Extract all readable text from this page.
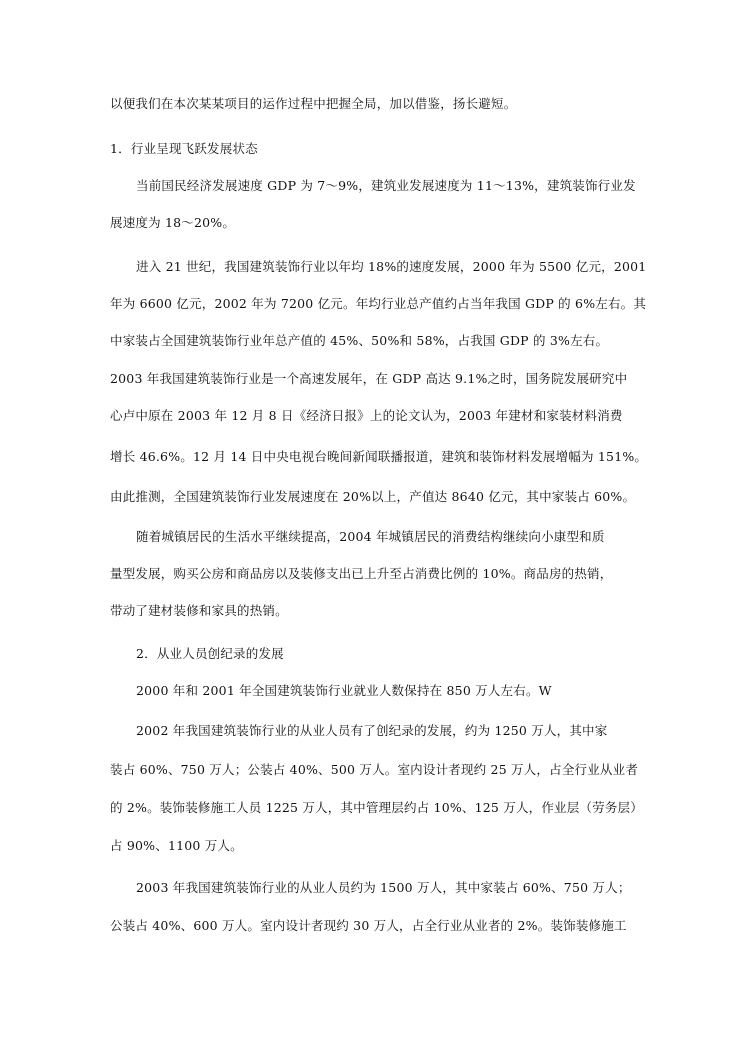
以便我们在本次某某项目的运作过程中把握全局，加以借鉴，扬长避短。
1．行业呈现飞跃发展状态
当前国民经济发展速度 GDP 为 7～9%，建筑业发展速度为 11～13%，建筑装饰行业发
展速度为 18～20%。
进入 21 世纪，我国建筑装饰行业以年均 18%的速度发展，2000 年为 5500 亿元，2001
年为 6600 亿元，2002 年为 7200 亿元。年均行业总产值约占当年我国 GDP 的 6%左右。其
中家装占全国建筑装饰行业年总产值的 45%、50%和 58%，占我国 GDP 的 3%左右。
2003 年我国建筑装饰行业是一个高速发展年，在 GDP 高达 9.1%之时，国务院发展研究中
心卢中原在 2003 年 12 月 8 日《经济日报》上的论文认为，2003 年建材和家装材料消费
增长 46.6%。12 月 14 日中央电视台晚间新闻联播报道，建筑和装饰材料发展增幅为 151%。
由此推测，全国建筑装饰行业发展速度在 20%以上，产值达 8640 亿元，其中家装占 60%。
随着城镇居民的生活水平继续提高，2004 年城镇居民的消费结构继续向小康型和质
量型发展，购买公房和商品房以及装修支出已上升至占消费比例的 10%。商品房的热销，
带动了建材装修和家具的热销。
2．从业人员创纪录的发展
2000 年和 2001 年全国建筑装饰行业就业人数保持在 850 万人左右。W
2002 年我国建筑装饰行业的从业人员有了创纪录的发展，约为 1250 万人，其中家
装占 60%、750 万人；公装占 40%、500 万人。室内设计者现约 25 万人，占全行业从业者
的 2%。装饰装修施工人员 1225 万人，其中管理层约占 10%、125 万人，作业层（劳务层）
占 90%、1100 万人。
2003 年我国建筑装饰行业的从业人员约为 1500 万人，其中家装占 60%、750 万人；
公装占 40%、600 万人。室内设计者现约 30 万人，占全行业从业者的 2%。装饰装修施工
